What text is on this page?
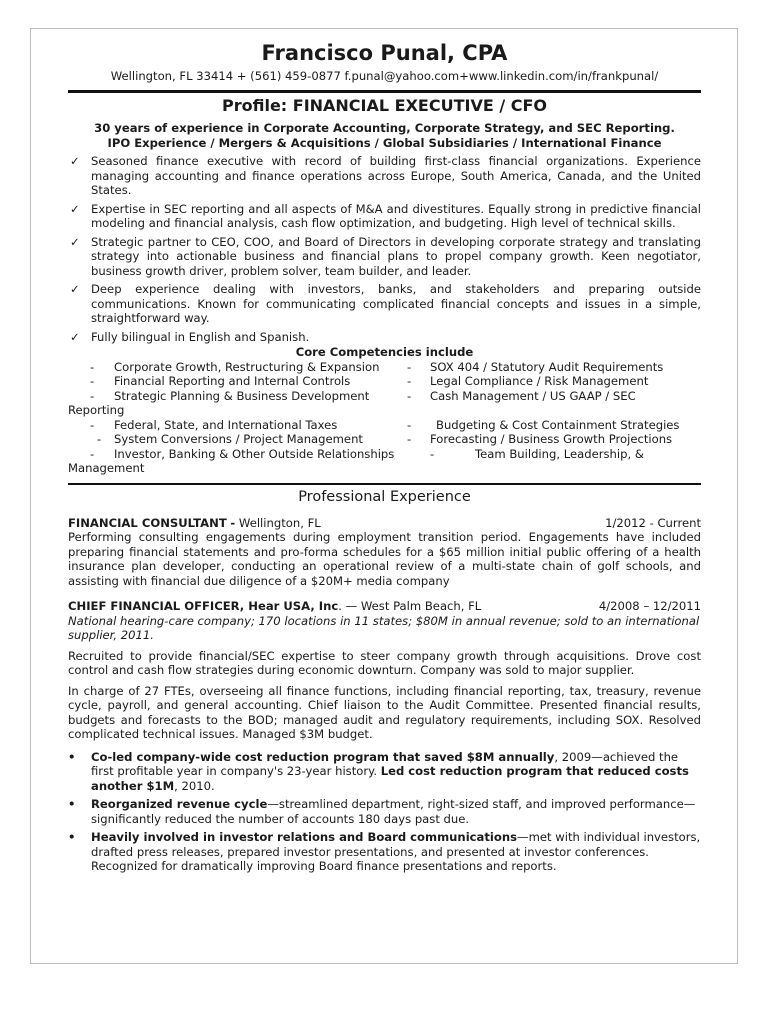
Francisco Punal, CPA
Wellington, FL 33414 + (561) 459-0877 f.punal@yahoo.com+www.linkedin.com/in/frankpunal/
Profile: FINANCIAL EXECUTIVE / CFO
30 years of experience in Corporate Accounting, Corporate Strategy, and SEC Reporting.
IPO Experience / Mergers & Acquisitions / Global Subsidiaries / International Finance
✓ Seasoned finance executive with record of building first-class financial organizations. Experience managing accounting and finance operations across Europe, South America, Canada, and the United States.
✓ Expertise in SEC reporting and all aspects of M&A and divestitures. Equally strong in predictive financial modeling and financial analysis, cash flow optimization, and budgeting. High level of technical skills.
✓ Strategic partner to CEO, COO, and Board of Directors in developing corporate strategy and translating strategy into actionable business and financial plans to propel company growth. Keen negotiator, business growth driver, problem solver, team builder, and leader.
✓ Deep experience dealing with investors, banks, and stakeholders and preparing outside communications. Known for communicating complicated financial concepts and issues in a simple, straightforward way.
✓ Fully bilingual in English and Spanish.
Core Competencies include
- Corporate Growth, Restructuring & Expansion - SOX 404 / Statutory Audit Requirements
- Financial Reporting and Internal Controls	- Legal Compliance / Risk Management
- Strategic Planning & Business Development	- Cash Management / US GAAP / SEC
Reporting
- Federal, State, and International Taxes	- Budgeting & Cost Containment Strategies
- System Conversions / Project Management	- Forecasting / Business Growth Projections
- Investor, Banking & Other Outside Relationships	-	Team Building, Leadership, &
Management
Professional Experience
FINANCIAL CONSULTANT - Wellington, FL	1/2012 - Current

Performing consulting engagements during employment transition period. Engagements have included preparing financial statements and pro-forma schedules for a $65 million initial public offering of a health insurance plan developer, conducting an operational review of a multi-state chain of golf schools, and assisting with financial due diligence of a $20M+ media company

CHIEF FINANCIAL OFFICER, Hear USA, Inc. — West Palm Beach, FL	4/2008 – 12/2011

National hearing-care company; 170 locations in 11 states; $80M in annual revenue; sold to an international supplier, 2011.

Recruited to provide financial/SEC expertise to steer company growth through acquisitions. Drove cost control and cash flow strategies during economic downturn. Company was sold to major supplier.

In charge of 27 FTEs, overseeing all finance functions, including financial reporting, tax, treasury, revenue cycle, payroll, and general accounting. Chief liaison to the Audit Committee. Presented financial results, budgets and forecasts to the BOD; managed audit and regulatory requirements, including SOX. Resolved complicated technical issues. Managed $3M budget.

• Co-led company-wide cost reduction program that saved $8M annually, 2009—achieved the first profitable year in company's 23-year history. Led cost reduction program that reduced costs another $1M, 2010.
• Reorganized revenue cycle—streamlined department, right-sized staff, and improved performance—significantly reduced the number of accounts 180 days past due.
• Heavily involved in investor relations and Board communications—met with individual investors, drafted press releases, prepared investor presentations, and presented at investor conferences. Recognized for dramatically improving Board finance presentations and reports.
